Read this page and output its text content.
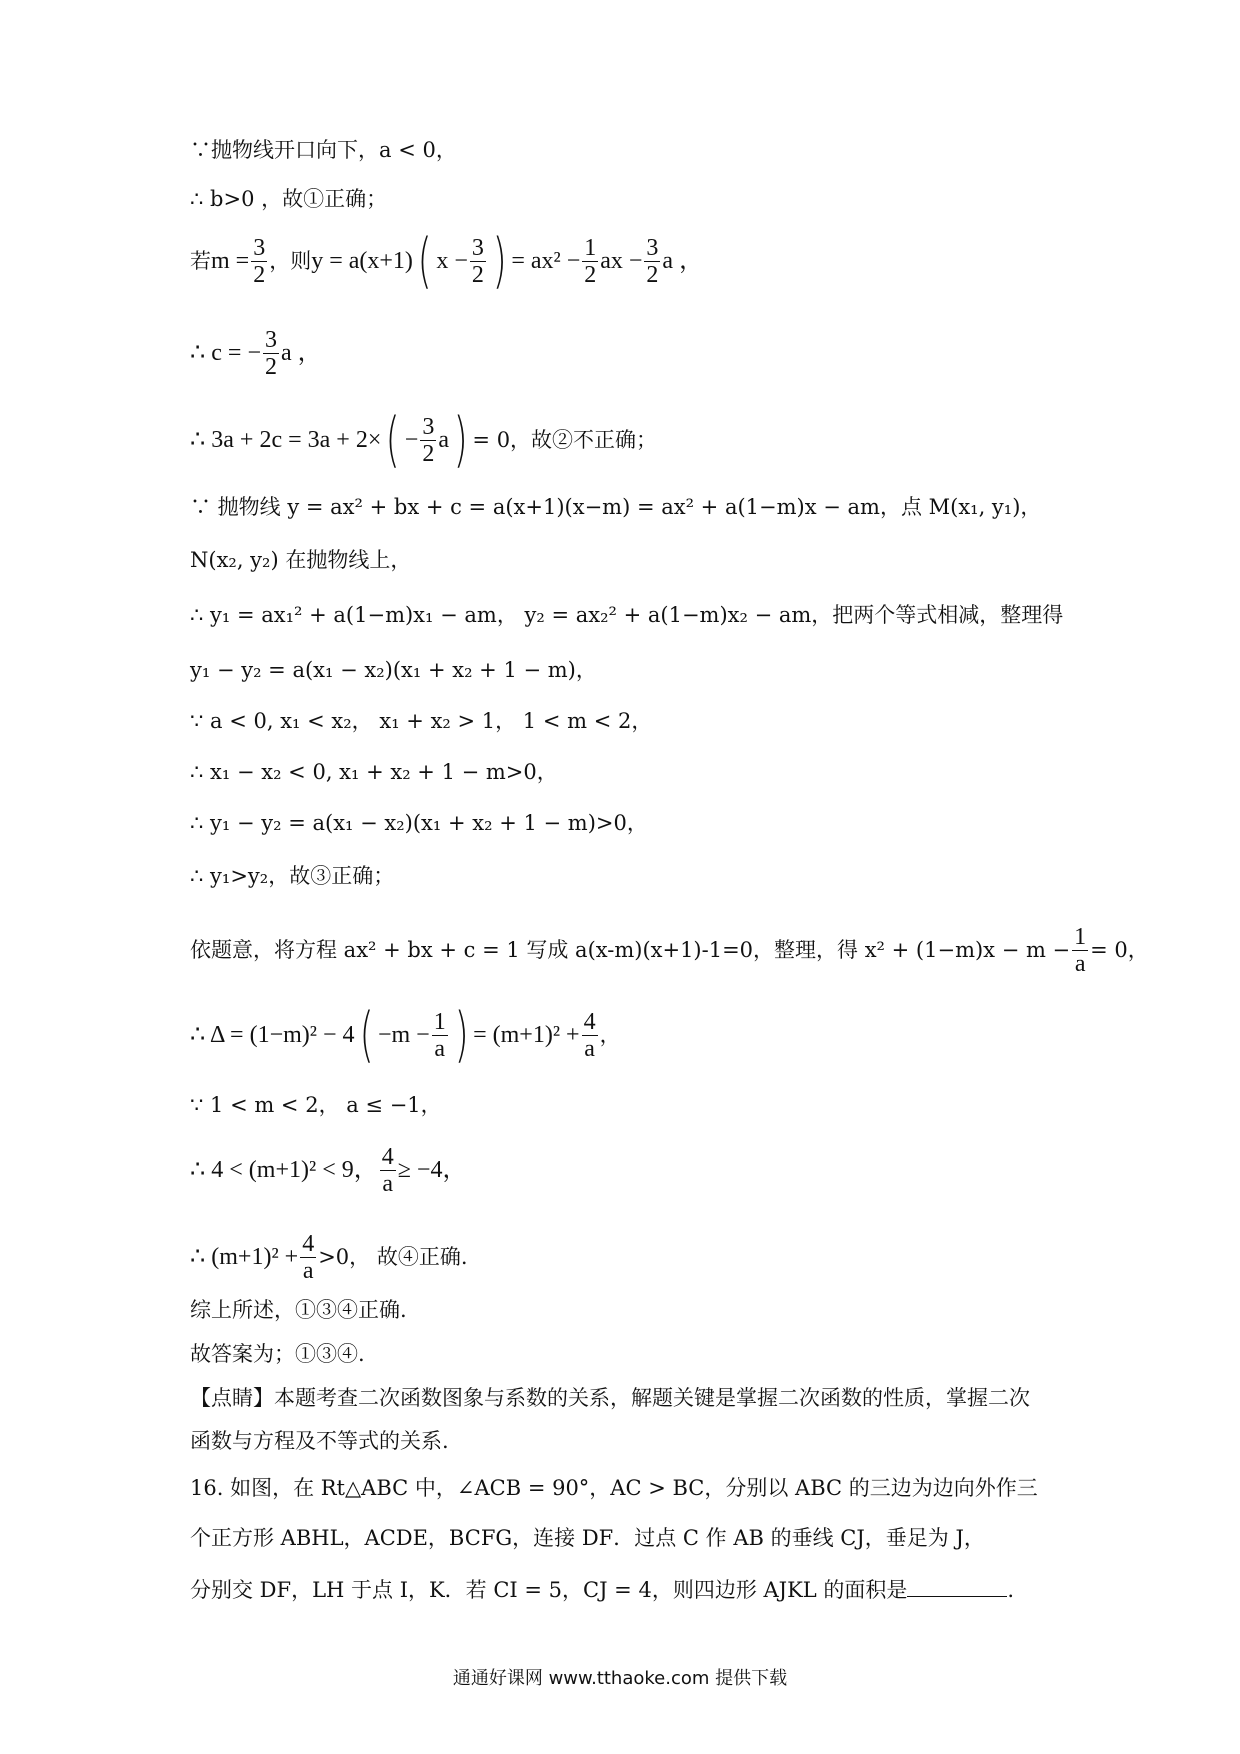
∵抛物线开口向下，a < 0，
∴ b>0 ，故①正确；
若 $m = \frac{3}{2}$ ，则 y = a(x+1) ( $x - \frac{3}{2}$ ) = $ax^2 - \frac{1}{2}$ ax − $\frac{3}{2}$ a ，
∴ c = − $\frac{3}{2}$ a ，
∴ 3a + 2c = 3a + 2× ( − $\frac{3}{2}$ a ) = 0，故②不正确；
∵ 抛物线 y = ax² + bx + c = a(x+1)(x−m) = ax² + a(1−m)x − am，点 M(x₁, y₁)，
N(x₂, y₂) 在抛物线上，
∴ y₁ = ax₁² + a(1−m)x₁ − am， y₂ = ax₂² + a(1−m)x₂ − am，把两个等式相减，整理得
y₁ − y₂ = a(x₁ − x₂)(x₁ + x₂ + 1 − m)，
∵ a < 0, x₁ < x₂， x₁ + x₂ > 1， 1 < m < 2，
∴ x₁ − x₂ < 0, x₁ + x₂ + 1 − m>0，
∴ y₁ − y₂ = a(x₁ − x₂)(x₁ + x₂ + 1 − m)>0，
∴ y₁>y₂，故③正确；
依题意，将方程 ax² + bx + c = 1 写成 a(x-m)(x+1)-1=0，整理，得 $x^2 + (1-m)x - m - \frac{1}{a} = 0$，
∴ Δ = (1−m)² − 4 ( $-m - \frac{1}{a}$ ) = $(m+1)^2 + \frac{4}{a}$ ，
∵ 1 < m < 2， a ≤ −1，
∴ 4 < (m+1)² < 9， $\frac{4}{a} \ge -4$，
∴ $(m+1)^2 + \frac{4}{a} >0$， 故④正确.
综上所述，①③④正确.
故答案为；①③④.
【点睛】本题考查二次函数图象与系数的关系，解题关键是掌握二次函数的性质，掌握二次
函数与方程及不等式的关系.
16. 如图，在 Rt△ABC 中，∠ACB = 90°，AC > BC，分别以 ABC 的三边为边向外作三
个正方形 ABHL，ACDE，BCFG，连接 DF．过点 C 作 AB 的垂线 CJ，垂足为 J，
分别交 DF，LH 于点 I，K．若 CI = 5，CJ = 4，则四边形 AJKL 的面积是	.
通通好课网 www.tthaoke.com 提供下载
